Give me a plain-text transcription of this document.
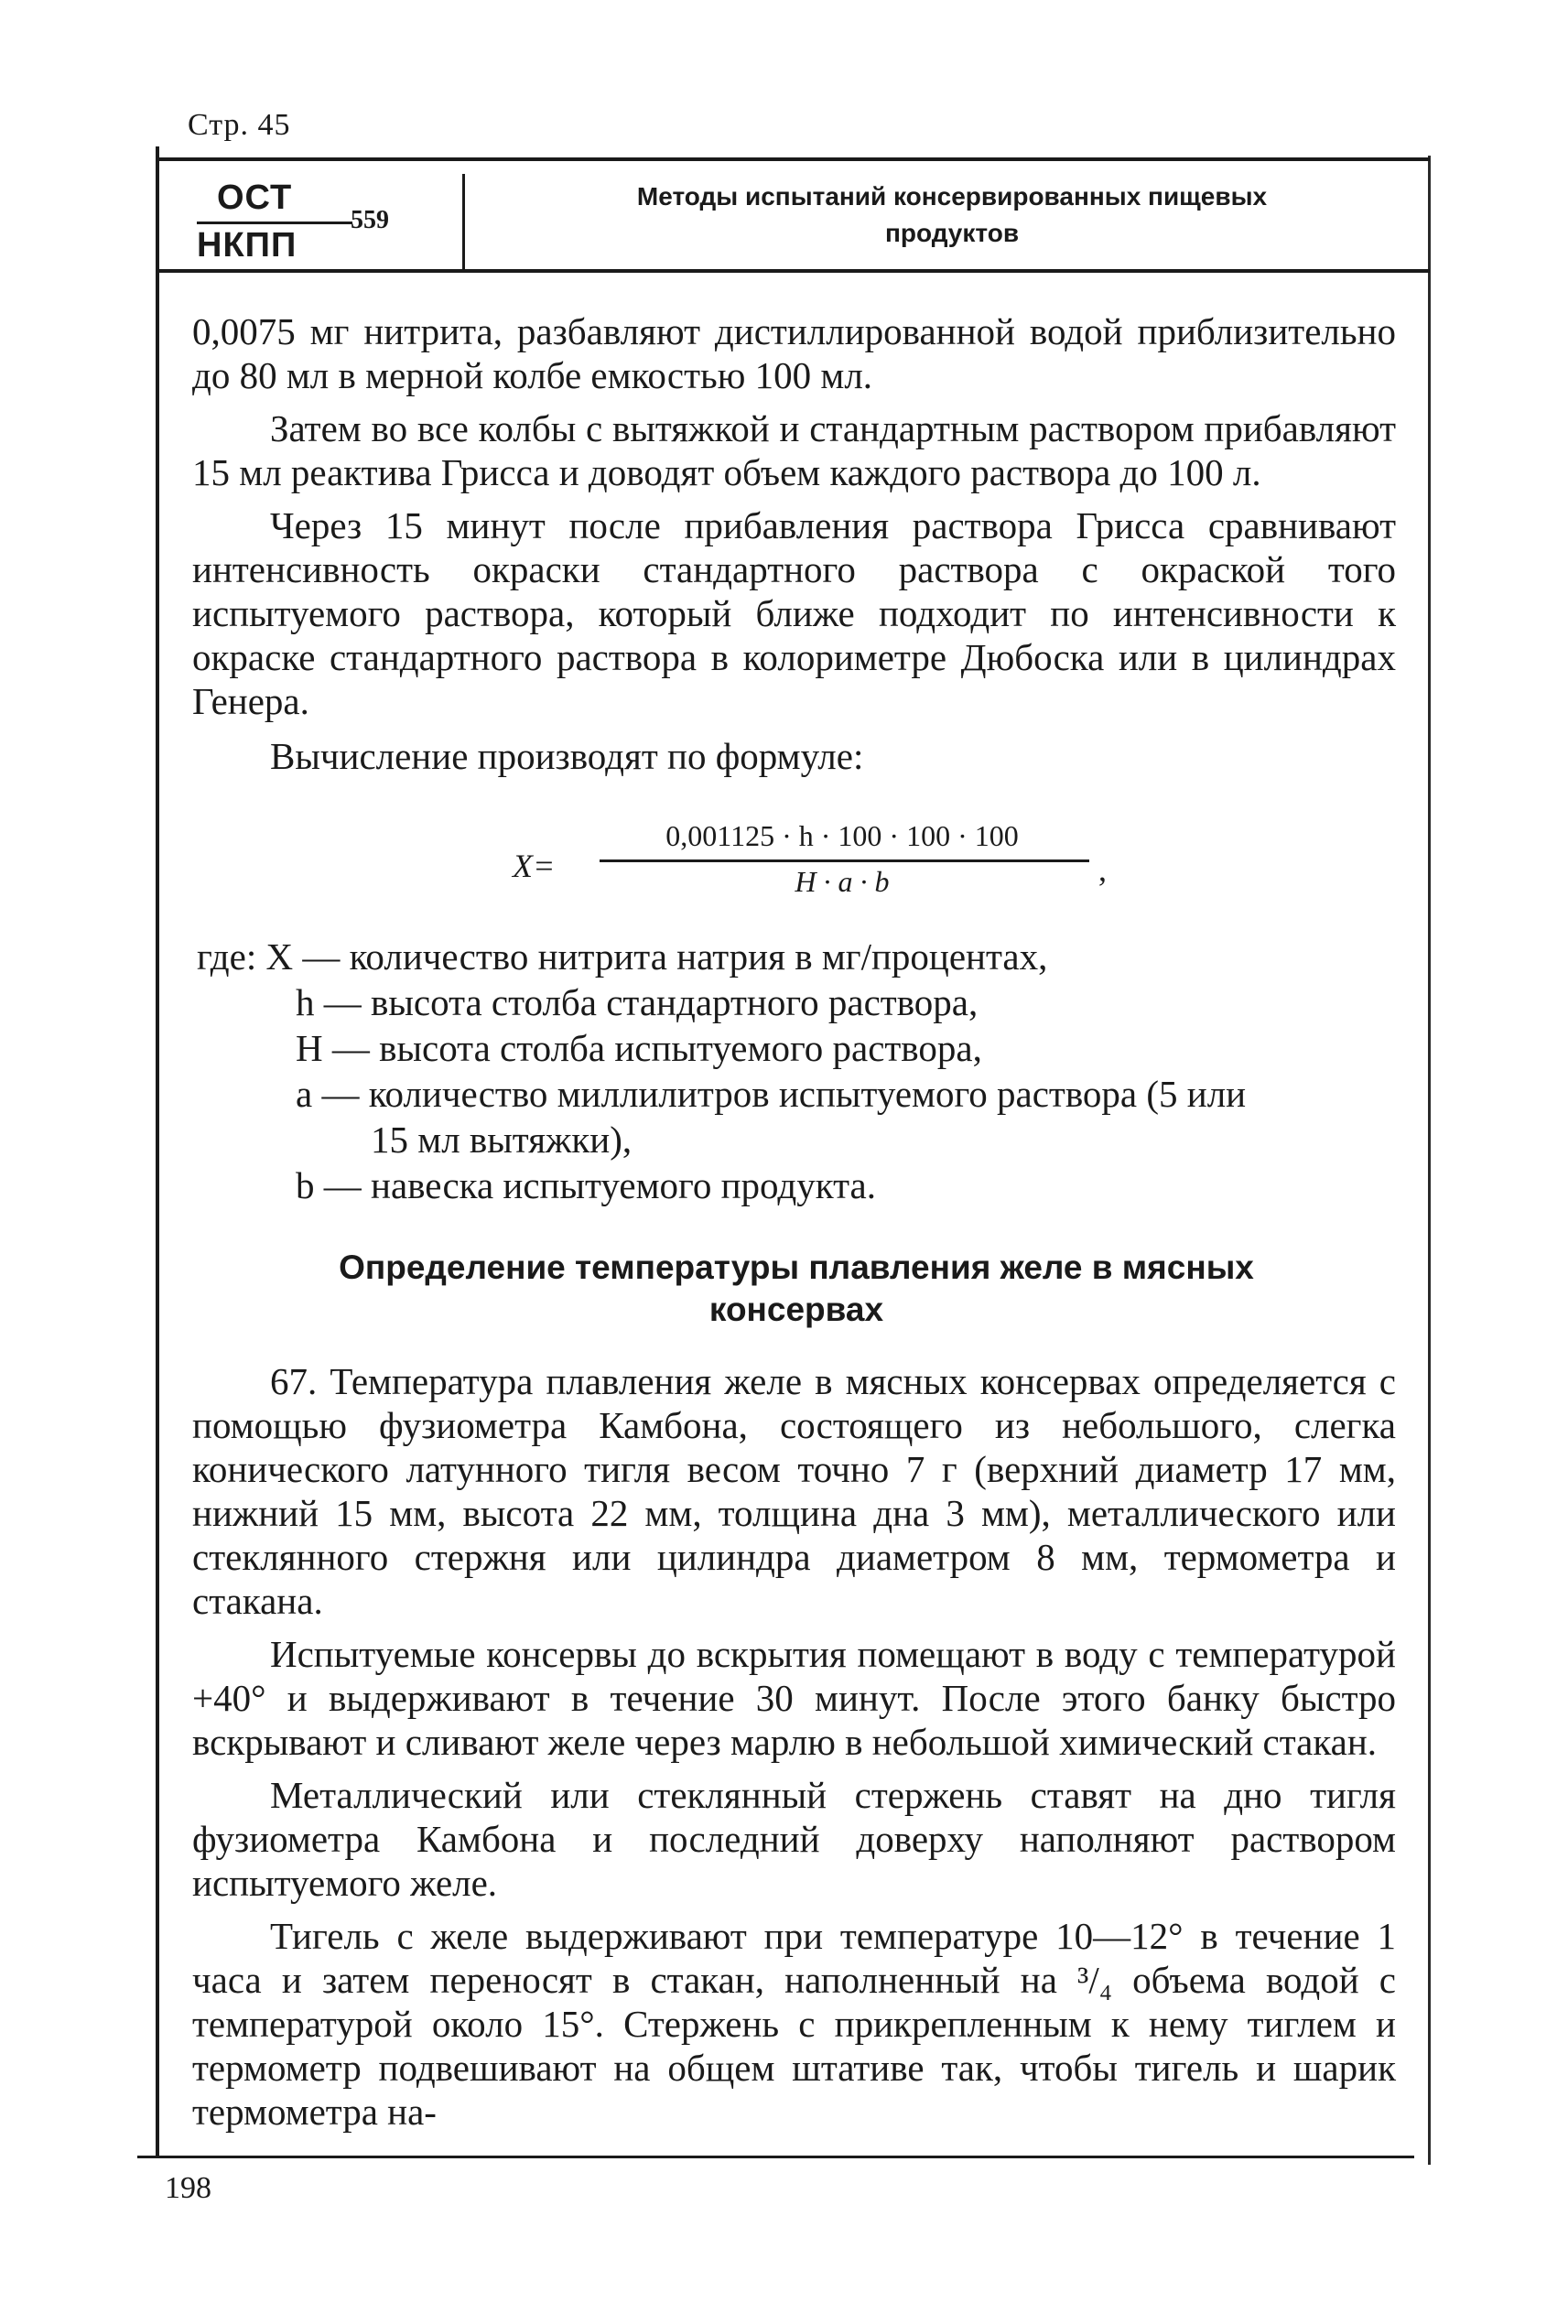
Стр. 45
ОСТ
НКПП
559
Методы испытаний консервированных пищевых
продуктов

0,0075 мг нитрита, разбавляют дистиллированной водой приблизительно до 80 мл в мерной колбе емкостью 100 мл.

Затем во все колбы с вытяжкой и стандартным раствором прибавляют 15 мл реактива Грисса и доводят объем каждого раствора до 100 л.

Через 15 минут после прибавления раствора Грисса сравнивают интенсивность окраски стандартного раствора с окраской того испытуемого раствора, который ближе подходит по интенсивности к окраске стандартного раствора в колориметре Дюбоска или в цилиндрах Генера.

Вычисление производят по формуле:

X=
0,001125 · h · 100 · 100 · 100
H · a · b	,
где: X — количество нитрита натрия в мг/процентах,
h — высота столба стандартного раствора,
H — высота столба испытуемого раствора,
a — количество миллилитров испытуемого раствора (5 или
15 мл вытяжки),
b — навеска испытуемого продукта.
Определение температуры плавления желе в мясных
консервах

67. Температура плавления желе в мясных консервах определяется с помощью фузиометра Камбона, состоящего из небольшого, слегка конического латунного тигля весом точно 7 г (верхний диаметр 17 мм, нижний 15 мм, высота 22 мм, толщина дна 3 мм), металлического или стеклянного стержня или цилиндра диаметром 8 мм, термометра и стакана.

Испытуемые консервы до вскрытия помещают в воду с температурой +40° и выдерживают в течение 30 минут. После этого банку быстро вскрывают и сливают желе через марлю в небольшой химический стакан.

Металлический или стеклянный стержень ставят на дно тигля фузиометра Камбона и последний доверху наполняют раствором испытуемого желе.

Тигель с желе выдерживают при температуре 10—12° в течение 1 часа и затем переносят в стакан, наполненный на ³/₄ объема водой с температурой около 15°. Стержень с прикрепленным к нему тиглем и термометр подвешивают на общем штативе так, чтобы тигель и шарик термометра на-

198
